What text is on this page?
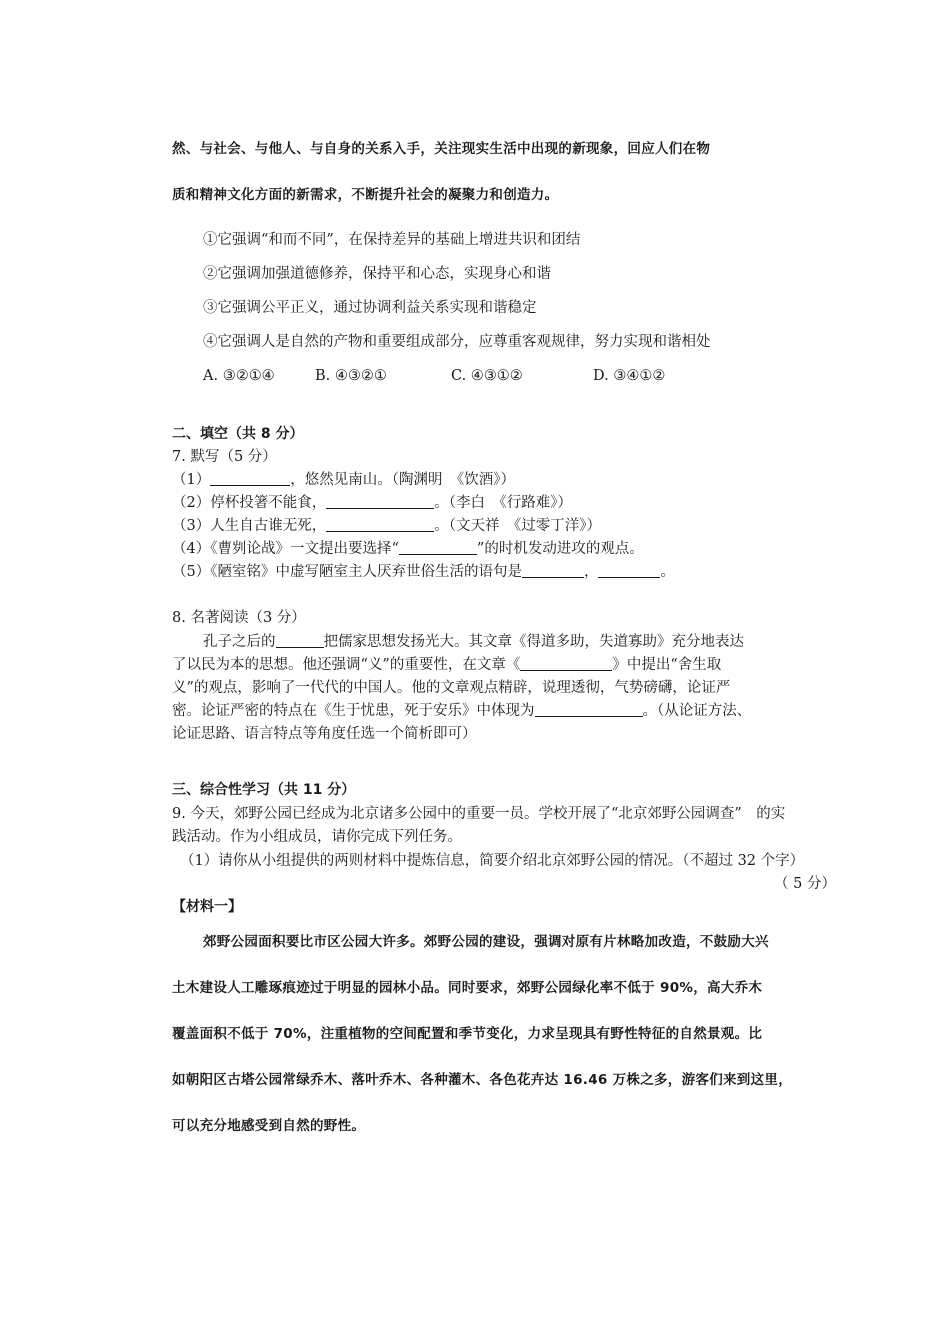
然、与社会、与他人、与自身的关系入手，关注现实生活中出现的新现象，回应人们在物
质和精神文化方面的新需求，不断提升社会的凝聚力和创造力。
①它强调“和而不同”，在保持差异的基础上增进共识和团结
②它强调加强道德修养，保持平和心态，实现身心和谐
③它强调公平正义，通过协调利益关系实现和谐稳定
④它强调人是自然的产物和重要组成部分，应尊重客观规律，努力实现和谐相处
A. ③②①④	B. ④③②①	C. ④③①②	D. ③④①②
二、填空（共 8 分）
7. 默写（5 分）
（1）	，悠然见南山。（陶渊明　《饮酒》）
（2）停杯投箸不能食，	。（李白　《行路难》）
（3）人生自古谁无死，	。（文天祥　《过零丁洋》）
（4）《曹刿论战》一文提出要选择“	”的时机发动进攻的观点。
（5）《陋室铭》中虚写陋室主人厌弃世俗生活的语句是	，	。
8. 名著阅读（3 分）
孔子之后的	把儒家思想发扬光大。其文章《得道多助，失道寡助》充分地表达
了以民为本的思想。他还强调“义”的重要性，在文章《	》中提出“舍生取
义”的观点，影响了一代代的中国人。他的文章观点精辟，说理透彻，气势磅礴，论证严
密。论证严密的特点在《生于忧患，死于安乐》中体现为	。（从论证方法、
论证思路、语言特点等角度任选一个简析即可）
三、综合性学习（共 11 分）
9. 今天，郊野公园已经成为北京诸多公园中的重要一员。学校开展了“北京郊野公园调查”　的实
践活动。作为小组成员，请你完成下列任务。
（1）请你从小组提供的两则材料中提炼信息，简要介绍北京郊野公园的情况。（不超过 32 个字）
（ 5 分）
【材料一】
郊野公园面积要比市区公园大许多。郊野公园的建设，强调对原有片林略加改造，不鼓励大兴
土木建设人工雕琢痕迹过于明显的园林小品。同时要求，郊野公园绿化率不低于 90%，高大乔木
覆盖面积不低于 70%，注重植物的空间配置和季节变化，力求呈现具有野性特征的自然景观。比
如朝阳区古塔公园常绿乔木、落叶乔木、各种灌木、各色花卉达 16.46 万株之多，游客们来到这里，
可以充分地感受到自然的野性。
